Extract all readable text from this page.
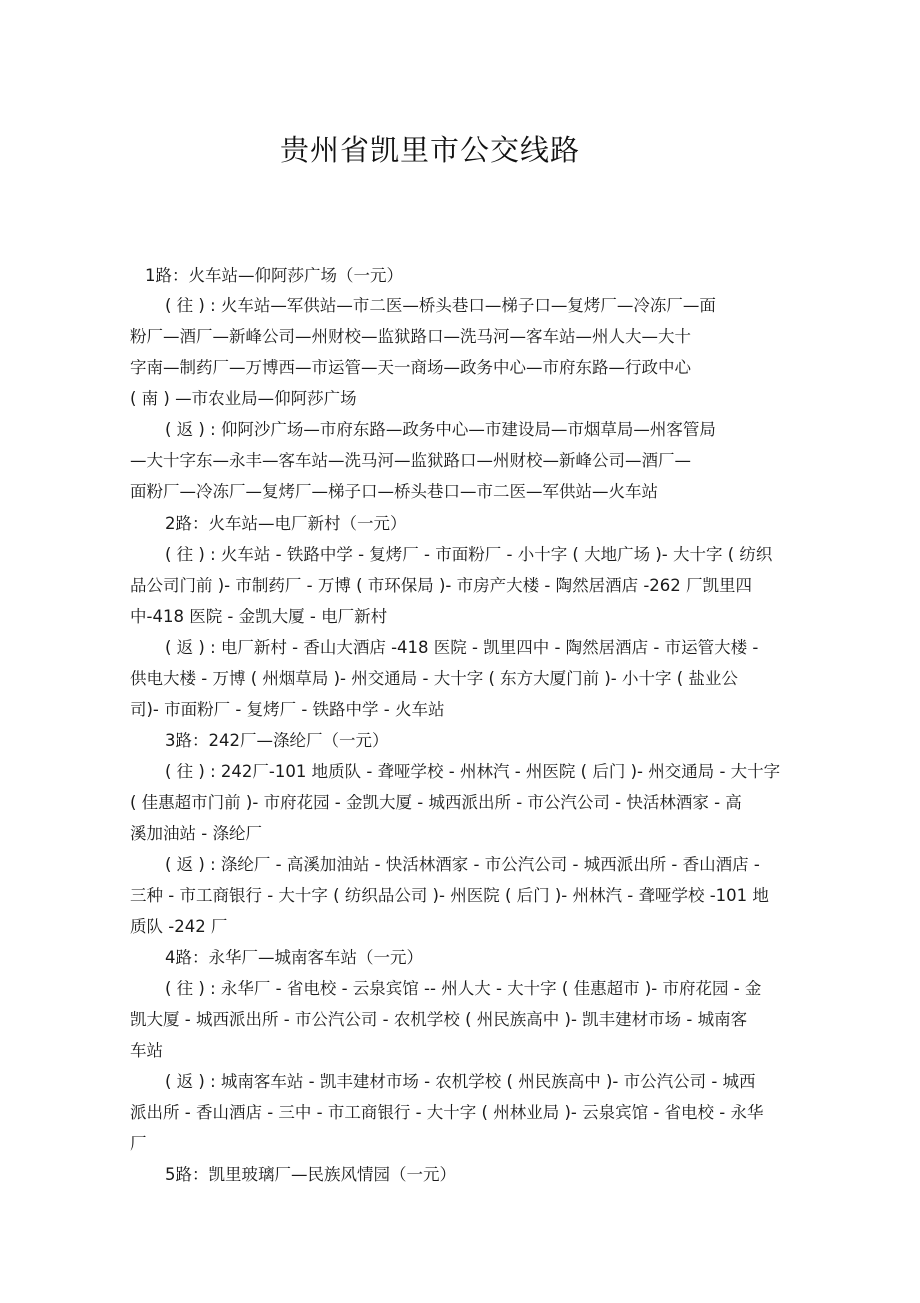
贵州省凯里市公交线路
1路：火车站—仰阿莎广场（一元）
( 往 ) : 火车站—军供站—市二医—桥头巷口—梯子口—复烤厂—冷冻厂—面
粉厂—酒厂—新峰公司—州财校—监狱路口—洗马河—客车站—州人大—大十
字南—制药厂—万博西—市运管—天一商场—政务中心—市府东路—行政中心
( 南 ) —市农业局—仰阿莎广场
( 返 ) : 仰阿沙广场—市府东路—政务中心—市建设局—市烟草局—州客管局
—大十字东—永丰—客车站—洗马河—监狱路口—州财校—新峰公司—酒厂—
面粉厂—冷冻厂—复烤厂—梯子口—桥头巷口—市二医—军供站—火车站
2路：火车站—电厂新村（一元）
( 往 ) : 火车站 - 铁路中学 - 复烤厂 - 市面粉厂 - 小十字 ( 大地广场 )- 大十字 ( 纺织
品公司门前 )- 市制药厂 - 万博 ( 市环保局 )- 市房产大楼 - 陶然居酒店 -262 厂凯里四
中-418 医院 - 金凯大厦 - 电厂新村
( 返 ) : 电厂新村 - 香山大酒店 -418 医院 - 凯里四中 - 陶然居酒店 - 市运管大楼 -
供电大楼 - 万博 ( 州烟草局 )- 州交通局 - 大十字 ( 东方大厦门前 )- 小十字 ( 盐业公
司)- 市面粉厂 - 复烤厂 - 铁路中学 - 火车站
3路：242厂—涤纶厂（一元）
( 往 ) : 242厂-101 地质队 - 聋哑学校 - 州林汽 - 州医院 ( 后门 )- 州交通局 - 大十字
( 佳惠超市门前 )- 市府花园 - 金凯大厦 - 城西派出所 - 市公汽公司 - 快活林酒家 - 高
溪加油站 - 涤纶厂
( 返 ) : 涤纶厂 - 高溪加油站 - 快活林酒家 - 市公汽公司 - 城西派出所 - 香山酒店 -
三种 - 市工商银行 - 大十字 ( 纺织品公司 )- 州医院 ( 后门 )- 州林汽 - 聋哑学校 -101 地
质队 -242 厂
4路：永华厂—城南客车站（一元）
( 往 ) : 永华厂 - 省电校 - 云泉宾馆 -- 州人大 - 大十字 ( 佳惠超市 )- 市府花园 - 金
凯大厦 - 城西派出所 - 市公汽公司 - 农机学校 ( 州民族高中 )- 凯丰建材市场 - 城南客
车站
( 返 ) : 城南客车站 - 凯丰建材市场 - 农机学校 ( 州民族高中 )- 市公汽公司 - 城西
派出所 - 香山酒店 - 三中 - 市工商银行 - 大十字 ( 州林业局 )- 云泉宾馆 - 省电校 - 永华
厂
5路：凯里玻璃厂—民族风情园（一元）
